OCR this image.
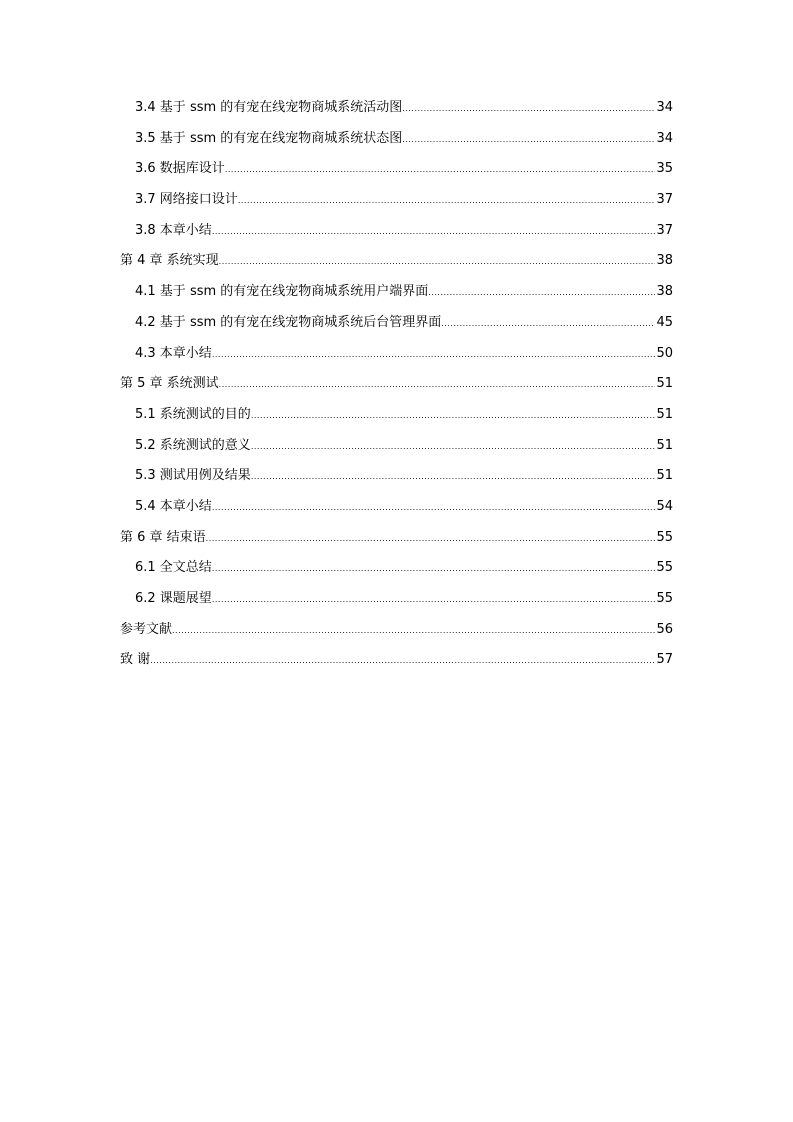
3.4 基于 ssm 的有宠在线宠物商城系统活动图 .....	34
3.5 基于 ssm 的有宠在线宠物商城系统状态图 .....	34
3.6 数据库设计 .....	35
3.7 网络接口设计 .....	37
3.8 本章小结 .....	37
第 4 章 系统实现 .....	38
4.1 基于 ssm 的有宠在线宠物商城系统用户端界面 .....	38
4.2 基于 ssm 的有宠在线宠物商城系统后台管理界面 .....	45
4.3 本章小结 .....	50
第 5 章 系统测试 .....	51
5.1 系统测试的目的 .....	51
5.2 系统测试的意义 .....	51
5.3 测试用例及结果 .....	51
5.4 本章小结 .....	54
第 6 章 结束语 .....	55
6.1 全文总结 .....	55
6.2 课题展望 .....	55
参考文献 .....	56
致 谢 .....	57
